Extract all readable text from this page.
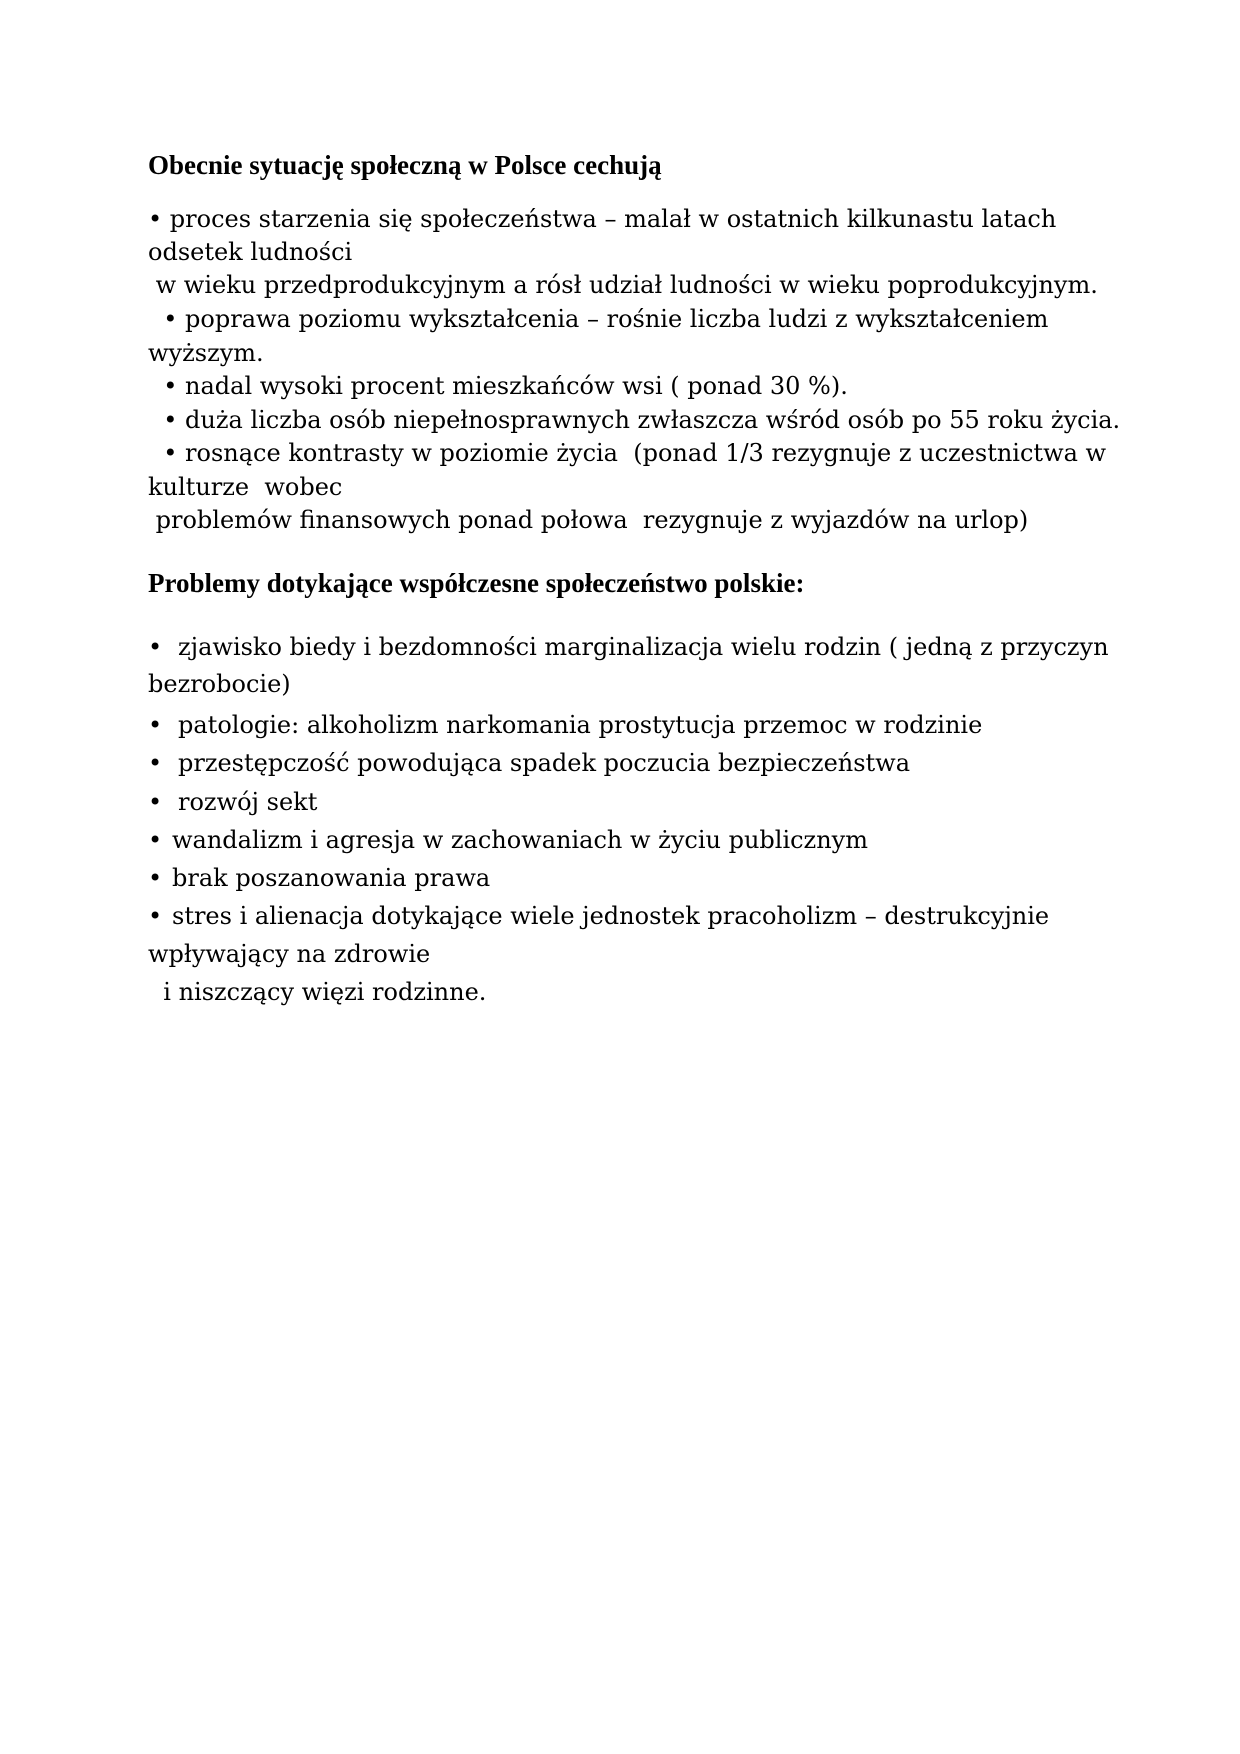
Obecnie sytuację społeczną w Polsce cechują
• proces starzenia się społeczeństwa – malał w ostatnich kilkunastu latach
odsetek ludności
w wieku przedprodukcyjnym a rósł udział ludności w wieku poprodukcyjnym.
• poprawa poziomu wykształcenia – rośnie liczba ludzi z wykształceniem
wyższym.
• nadal wysoki procent mieszkańców wsi ( ponad 30 %).
• duża liczba osób niepełnosprawnych zwłaszcza wśród osób po 55 roku życia.
• rosnące kontrasty w poziomie życia  (ponad 1/3 rezygnuje z uczestnictwa w
kulturze  wobec
problemów finansowych ponad połowa  rezygnuje z wyjazdów na urlop)
Problemy dotykające współczesne społeczeństwo polskie:
• zjawisko biedy i bezdomności marginalizacja wielu rodzin ( jedną z przyczyn
bezrobocie)
• patologie: alkoholizm narkomania prostytucja przemoc w rodzinie
• przestępczość powodująca spadek poczucia bezpieczeństwa
• rozwój sekt
• wandalizm i agresja w zachowaniach w życiu publicznym
• brak poszanowania prawa
• stres i alienacja dotykające wiele jednostek pracoholizm – destrukcyjnie
wpływający na zdrowie
i niszczący więzi rodzinne.
